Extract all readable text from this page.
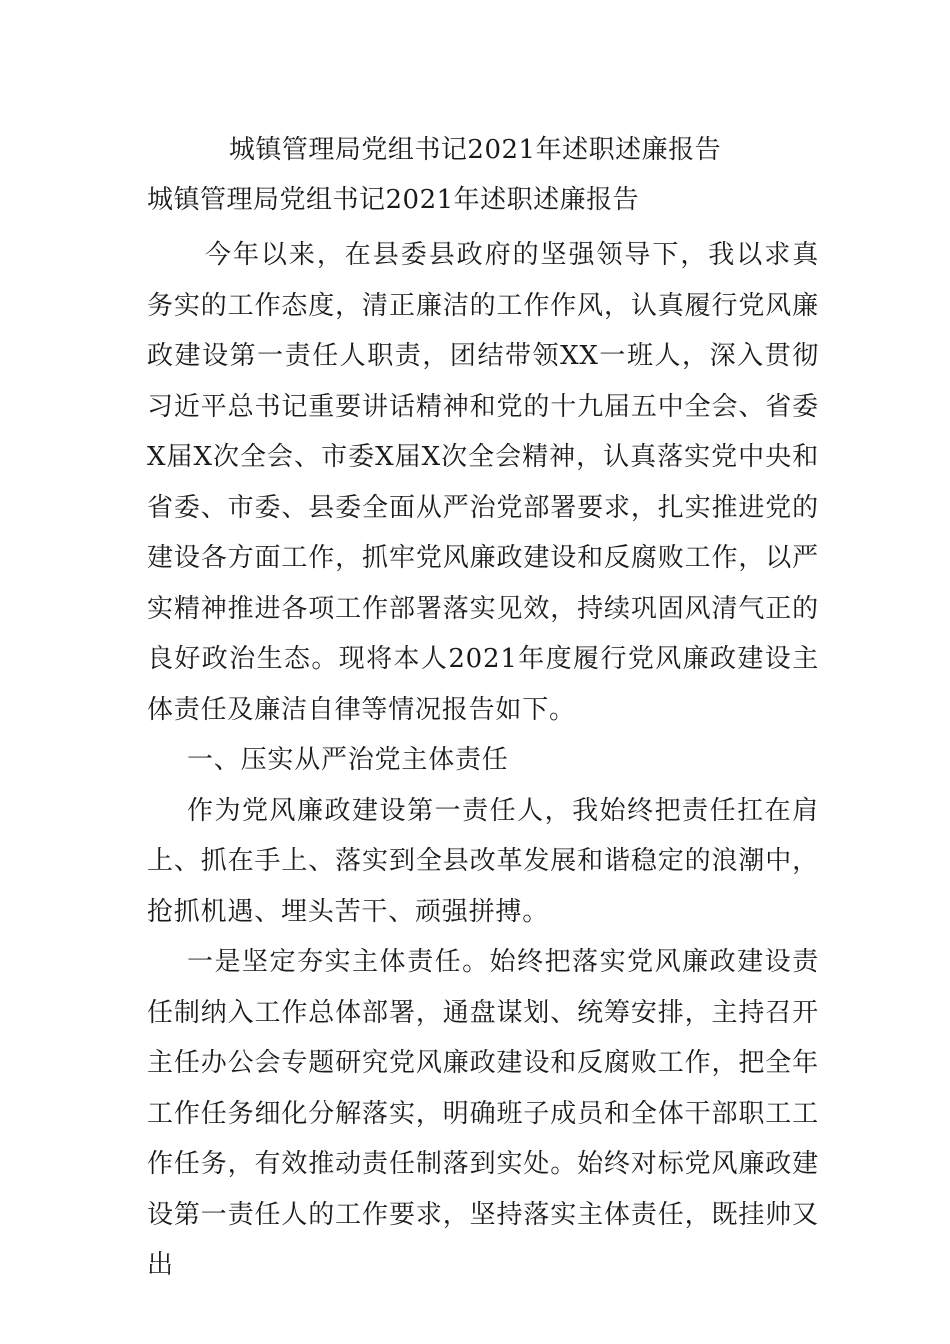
城镇管理局党组书记2021年述职述廉报告
城镇管理局党组书记2021年述职述廉报告

今年以来，在县委县政府的坚强领导下，我以求真务实的工作态度，清正廉洁的工作作风，认真履行党风廉政建设第一责任人职责，团结带领XX一班人，深入贯彻习近平总书记重要讲话精神和党的十九届五中全会、省委X届X次全会、市委X届X次全会精神，认真落实党中央和省委、市委、县委全面从严治党部署要求，扎实推进党的建设各方面工作，抓牢党风廉政建设和反腐败工作，以严实精神推进各项工作部署落实见效，持续巩固风清气正的良好政治生态。现将本人2021年度履行党风廉政建设主体责任及廉洁自律等情况报告如下。

一、压实从严治党主体责任

作为党风廉政建设第一责任人，我始终把责任扛在肩上、抓在手上、落实到全县改革发展和谐稳定的浪潮中，抢抓机遇、埋头苦干、顽强拼搏。

一是坚定夯实主体责任。始终把落实党风廉政建设责任制纳入工作总体部署，通盘谋划、统筹安排，主持召开主任办公会专题研究党风廉政建设和反腐败工作，把全年工作任务细化分解落实，明确班子成员和全体干部职工工作任务，有效推动责任制落到实处。始终对标党风廉政建设第一责任人的工作要求，坚持落实主体责任，既挂帅又出
